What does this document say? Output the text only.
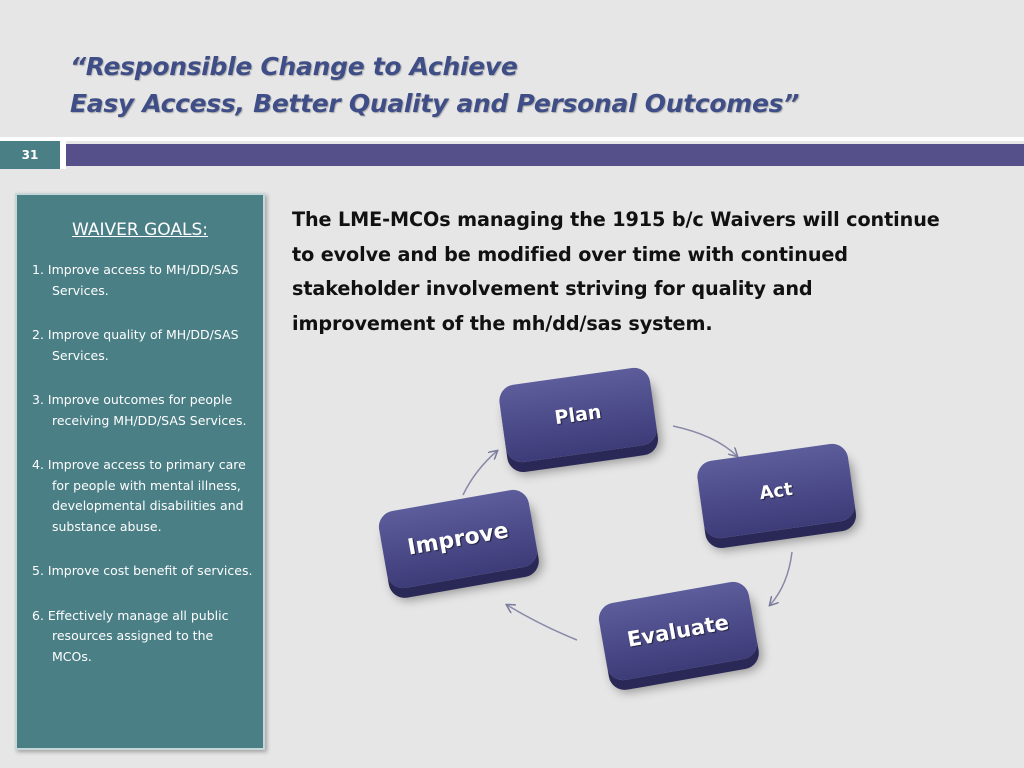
“Responsible Change to Achieve
Easy Access, Better Quality and Personal Outcomes”
31
WAIVER GOALS:
1. Improve access to MH/DD/SAS Services.
2. Improve quality of MH/DD/SAS Services.
3. Improve outcomes for people receiving MH/DD/SAS Services.
4. Improve access to primary care for people with mental illness, developmental disabilities and substance abuse.
5. Improve cost benefit of services.
6. Effectively manage all public resources assigned to the MCOs.

The LME-MCOs managing the 1915 b/c Waivers will continue to evolve and be modified over time with continued stakeholder involvement striving for quality and improvement of the mh/dd/sas system.

Plan
Act
Improve
Evaluate
